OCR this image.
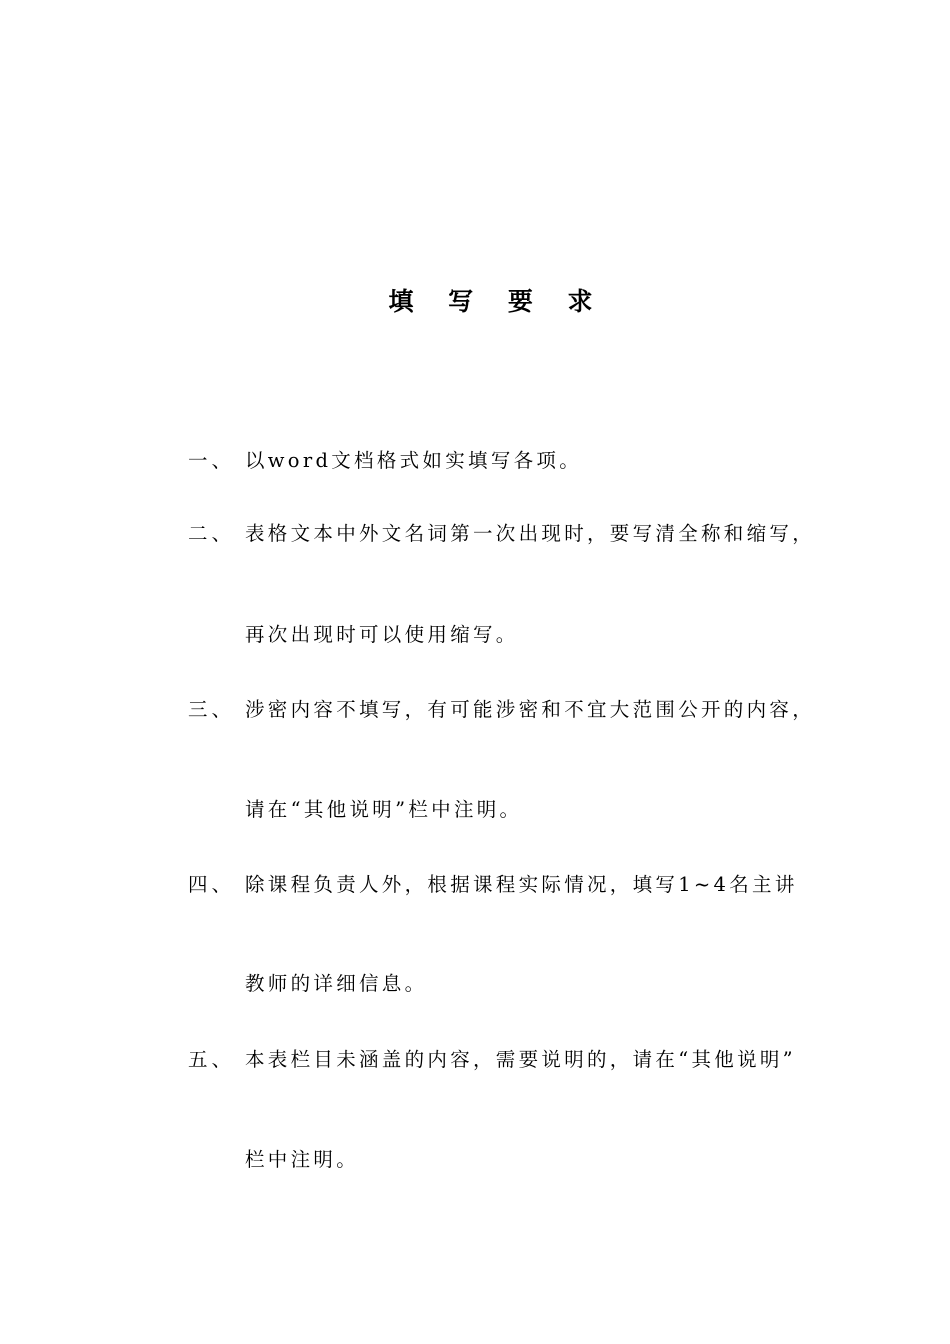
填 写 要 求
一、 以word文档格式如实填写各项。
二、 表格文本中外文名词第一次出现时，要写清全称和缩写，
再次出现时可以使用缩写。
三、 涉密内容不填写，有可能涉密和不宜大范围公开的内容，
请在“其他说明”栏中注明。
四、 除课程负责人外，根据课程实际情况，填写1~4名主讲
教师的详细信息。
五、 本表栏目未涵盖的内容，需要说明的，请在“其他说明”
栏中注明。
